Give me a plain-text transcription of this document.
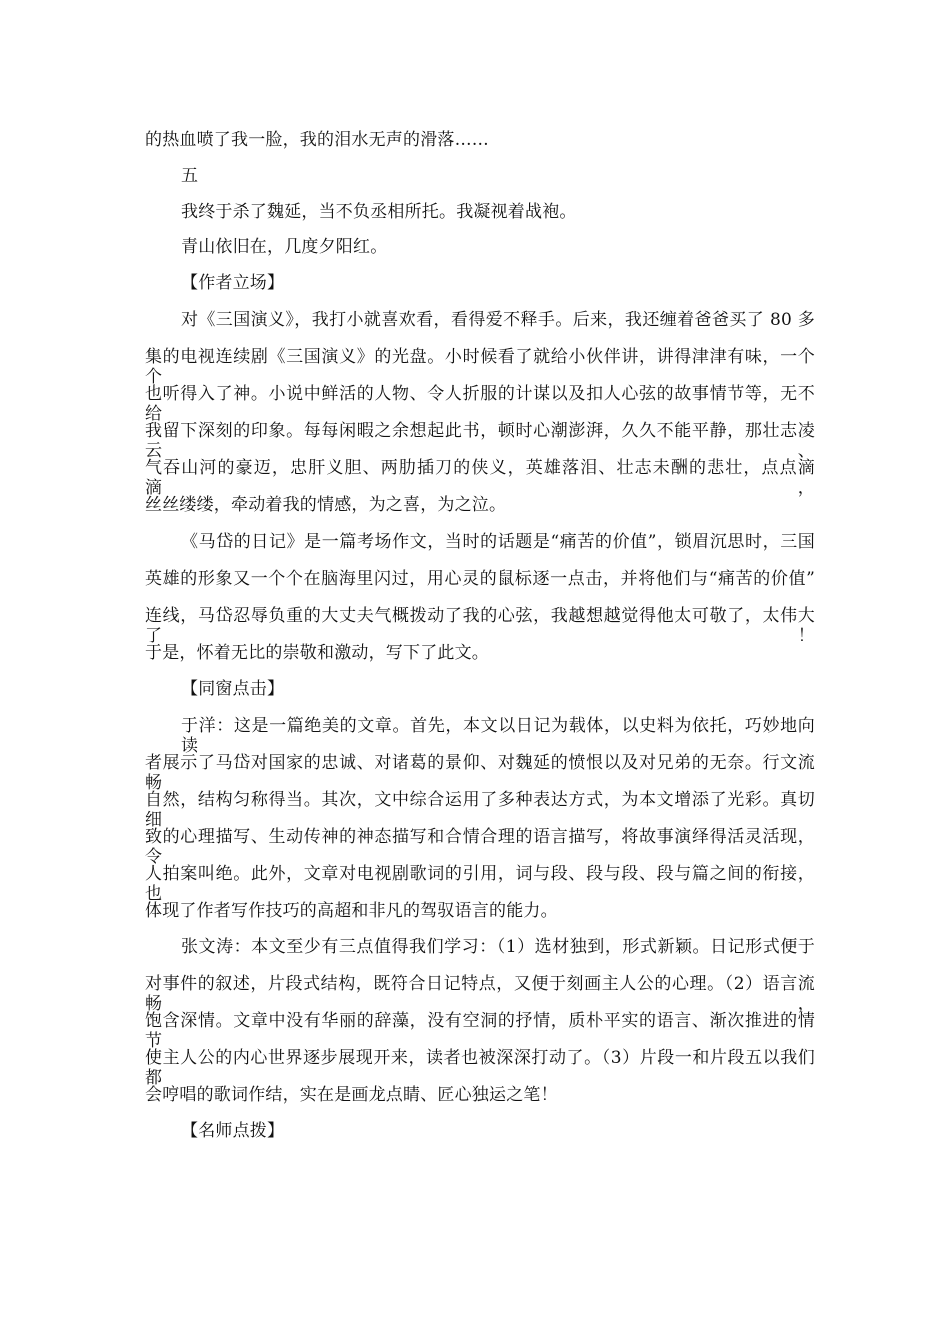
的热血喷了我一脸，我的泪水无声的滑落……
五
我终于杀了魏延，当不负丞相所托。我凝视着战袍。
青山依旧在，几度夕阳红。
【作者立场】
对《三国演义》，我打小就喜欢看，看得爱不释手。后来，我还缠着爸爸买了 80 多
集的电视连续剧《三国演义》的光盘。小时候看了就给小伙伴讲，讲得津津有味，一个个
也听得入了神。小说中鲜活的人物、令人折服的计谋以及扣人心弦的故事情节等，无不给
我留下深刻的印象。每每闲暇之余想起此书，顿时心潮澎湃，久久不能平静，那壮志凌云、
气吞山河的豪迈，忠肝义胆、两肋插刀的侠义，英雄落泪、壮志未酬的悲壮，点点滴滴，
丝丝缕缕，牵动着我的情感，为之喜，为之泣。
《马岱的日记》是一篇考场作文，当时的话题是“痛苦的价值”，锁眉沉思时，三国
英雄的形象又一个个在脑海里闪过，用心灵的鼠标逐一点击，并将他们与“痛苦的价值”
连线，马岱忍辱负重的大丈夫气概拨动了我的心弦，我越想越觉得他太可敬了，太伟大了！
于是，怀着无比的崇敬和激动，写下了此文。
【同窗点击】
于洋：这是一篇绝美的文章。首先，本文以日记为载体，以史料为依托，巧妙地向读
者展示了马岱对国家的忠诚、对诸葛的景仰、对魏延的愤恨以及对兄弟的无奈。行文流畅
自然，结构匀称得当。其次，文中综合运用了多种表达方式，为本文增添了光彩。真切细
致的心理描写、生动传神的神态描写和合情合理的语言描写，将故事演绎得活灵活现，令
人拍案叫绝。此外，文章对电视剧歌词的引用，词与段、段与段、段与篇之间的衔接，也
体现了作者写作技巧的高超和非凡的驾驭语言的能力。
张文涛：本文至少有三点值得我们学习：（1）选材独到，形式新颖。日记形式便于
对事件的叙述，片段式结构，既符合日记特点，又便于刻画主人公的心理。（2）语言流畅，
饱含深情。文章中没有华丽的辞藻，没有空洞的抒情，质朴平实的语言、渐次推进的情节
使主人公的内心世界逐步展现开来，读者也被深深打动了。（3）片段一和片段五以我们都
会哼唱的歌词作结，实在是画龙点睛、匠心独运之笔！
【名师点拨】
